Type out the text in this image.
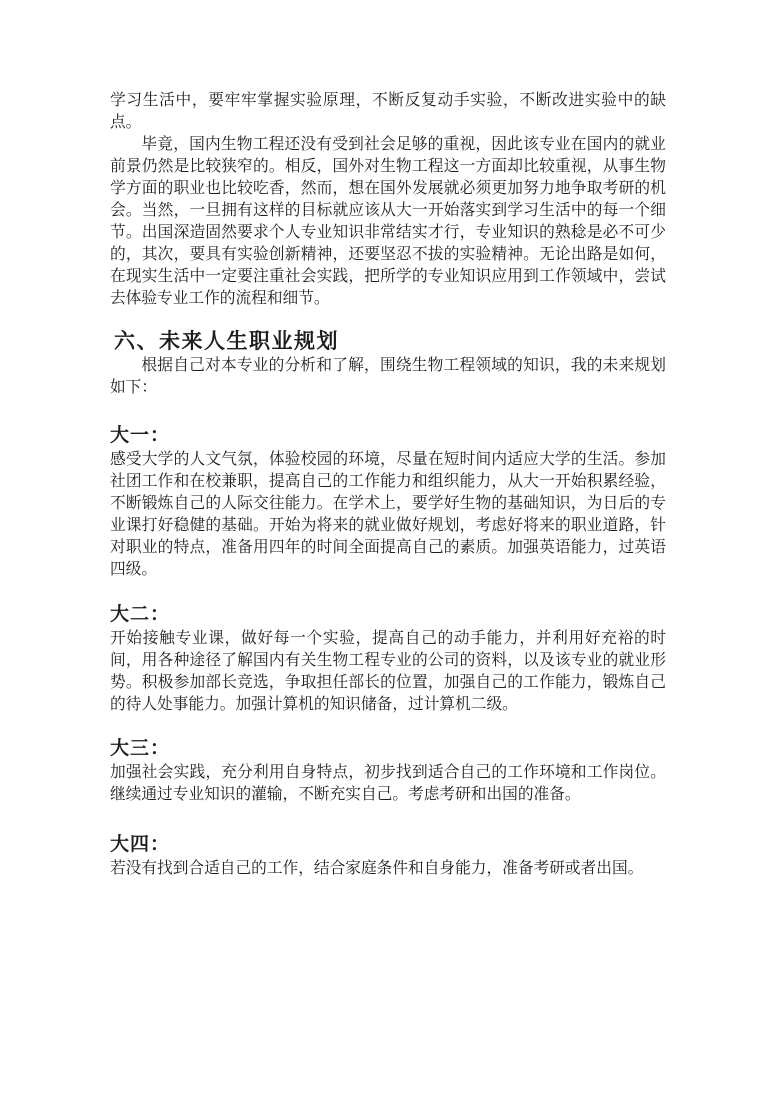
学习生活中，要牢牢掌握实验原理，不断反复动手实验，不断改进实验中的缺点。

毕竟，国内生物工程还没有受到社会足够的重视，因此该专业在国内的就业前景仍然是比较狭窄的。相反，国外对生物工程这一方面却比较重视，从事生物学方面的职业也比较吃香，然而，想在国外发展就必须更加努力地争取考研的机会。当然，一旦拥有这样的目标就应该从大一开始落实到学习生活中的每一个细节。出国深造固然要求个人专业知识非常结实才行，专业知识的熟稔是必不可少的，其次，要具有实验创新精神，还要坚忍不拔的实验精神。无论出路是如何，在现实生活中一定要注重社会实践，把所学的专业知识应用到工作领域中，尝试去体验专业工作的流程和细节。

六、未来人生职业规划

根据自己对本专业的分析和了解，围绕生物工程领域的知识，我的未来规划如下：

大一：

感受大学的人文气氛，体验校园的环境，尽量在短时间内适应大学的生活。参加社团工作和在校兼职，提高自己的工作能力和组织能力，从大一开始积累经验，不断锻炼自己的人际交往能力。在学术上，要学好生物的基础知识，为日后的专业课打好稳健的基础。开始为将来的就业做好规划，考虑好将来的职业道路，针对职业的特点，准备用四年的时间全面提高自己的素质。加强英语能力，过英语四级。

大二：

开始接触专业课，做好每一个实验，提高自己的动手能力，并利用好充裕的时间，用各种途径了解国内有关生物工程专业的公司的资料，以及该专业的就业形势。积极参加部长竞选，争取担任部长的位置，加强自己的工作能力，锻炼自己的待人处事能力。加强计算机的知识储备，过计算机二级。

大三：

加强社会实践，充分利用自身特点，初步找到适合自己的工作环境和工作岗位。继续通过专业知识的灌输，不断充实自己。考虑考研和出国的准备。

大四：

若没有找到合适自己的工作，结合家庭条件和自身能力，准备考研或者出国。
